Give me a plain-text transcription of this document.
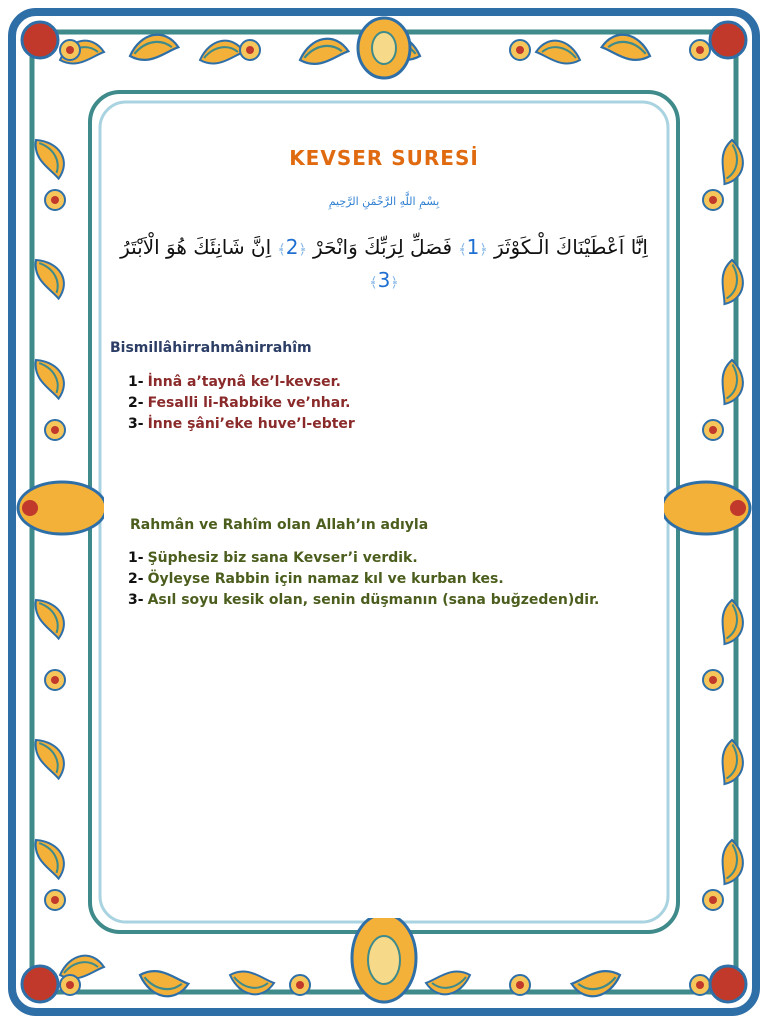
KEVSER SURESİ
بِسْمِ اللَّهِ الرَّحْمَنِ الرَّحِيمِ
اِنَّٓا اَعْطَيْنَاكَ الْـكَوْثَرَ ﴿1﴾ فَصَلِّ لِرَبِّكَ وَانْحَرْ ﴿2﴾ اِنَّ شَانِئَكَ هُوَ الْاَبْتَرُ ﴿3﴾
Bismillâhirrahmânirrahîm
1- İnnâ a’taynâ ke’l-kevser.
2- Fesalli li-Rabbike ve’nhar.
3- İnne şâni’eke huve’l-ebter
Rahmân ve Rahîm olan Allah’ın adıyla
1- Şüphesiz biz sana Kevser’i verdik.
2- Öyleyse Rabbin için namaz kıl ve kurban kes.
3- Asıl soyu kesik olan, senin düşmanın (sana buğzeden)dir.
